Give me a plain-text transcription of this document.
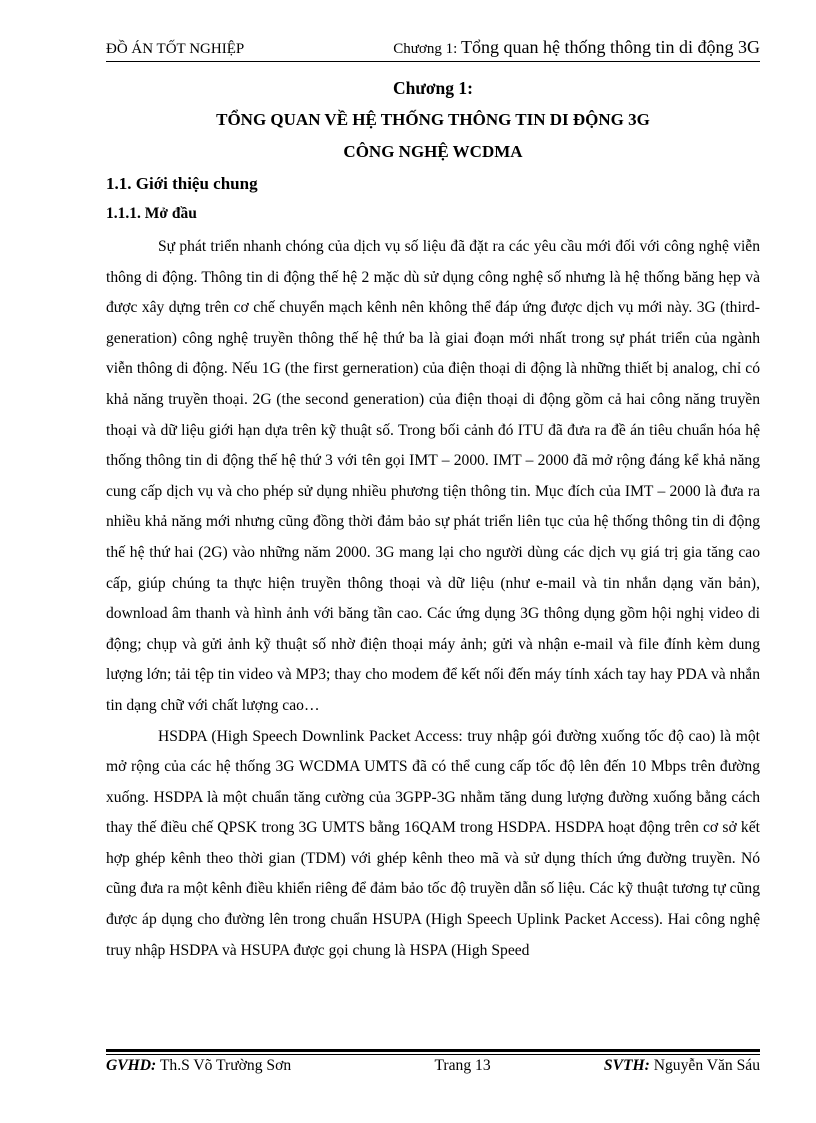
ĐỒ ÁN TỐT NGHIỆP	Chương 1: Tổng quan hệ thống thông tin di động 3G
Chương 1:
TỔNG QUAN VỀ HỆ THỐNG THÔNG TIN DI ĐỘNG 3G
CÔNG NGHỆ WCDMA
1.1. Giới thiệu chung
1.1.1. Mở đầu

Sự phát triển nhanh chóng của dịch vụ số liệu đã đặt ra các yêu cầu mới đối với công nghệ viễn thông di động. Thông tin di động thế hệ 2 mặc dù sử dụng công nghệ số nhưng là hệ thống băng hẹp và được xây dựng trên cơ chế chuyển mạch kênh nên không thể đáp ứng được dịch vụ mới này. 3G (third-generation) công nghệ truyền thông thế hệ thứ ba là giai đoạn mới nhất trong sự phát triển của ngành viễn thông di động. Nếu 1G (the first gerneration) của điện thoại di động là những thiết bị analog, chỉ có khả năng truyền thoại. 2G (the second generation) của điện thoại di động gồm cả hai công năng truyền thoại và dữ liệu giới hạn dựa trên kỹ thuật số. Trong bối cảnh đó ITU đã đưa ra đề án tiêu chuẩn hóa hệ thống thông tin di động thế hệ thứ 3 với tên gọi IMT – 2000. IMT – 2000 đã mở rộng đáng kể khả năng cung cấp dịch vụ và cho phép sử dụng nhiều phương tiện thông tin. Mục đích của IMT – 2000 là đưa ra nhiều khả năng mới nhưng cũng đồng thời đảm bảo sự phát triển liên tục của hệ thống thông tin di động thế hệ thứ hai (2G) vào những năm 2000. 3G mang lại cho người dùng các dịch vụ giá trị gia tăng cao cấp, giúp chúng ta thực hiện truyền thông thoại và dữ liệu (như e-mail và tin nhắn dạng văn bản), download âm thanh và hình ảnh với băng tần cao. Các ứng dụng 3G thông dụng gồm hội nghị video di động; chụp và gửi ảnh kỹ thuật số nhờ điện thoại máy ảnh; gửi và nhận e-mail và file đính kèm dung lượng lớn; tải tệp tin video và MP3; thay cho modem để kết nối đến máy tính xách tay hay PDA và nhắn tin dạng chữ với chất lượng cao…

HSDPA (High Speech Downlink Packet Access: truy nhập gói đường xuống tốc độ cao) là một mở rộng của các hệ thống 3G WCDMA UMTS đã có thể cung cấp tốc độ lên đến 10 Mbps trên đường xuống. HSDPA là một chuẩn tăng cường của 3GPP-3G nhằm tăng dung lượng đường xuống bằng cách thay thế điều chế QPSK trong 3G UMTS bằng 16QAM trong HSDPA. HSDPA hoạt động trên cơ sở kết hợp ghép kênh theo thời gian (TDM) với ghép kênh theo mã và sử dụng thích ứng đường truyền. Nó cũng đưa ra một kênh điều khiển riêng để đảm bảo tốc độ truyền dẫn số liệu. Các kỹ thuật tương tự cũng được áp dụng cho đường lên trong chuẩn HSUPA (High Speech Uplink Packet Access). Hai công nghệ truy nhập HSDPA và HSUPA được gọi chung là HSPA (High Speed

GVHD: Th.S Võ Trường Sơn	Trang 13	SVTH: Nguyễn Văn Sáu
